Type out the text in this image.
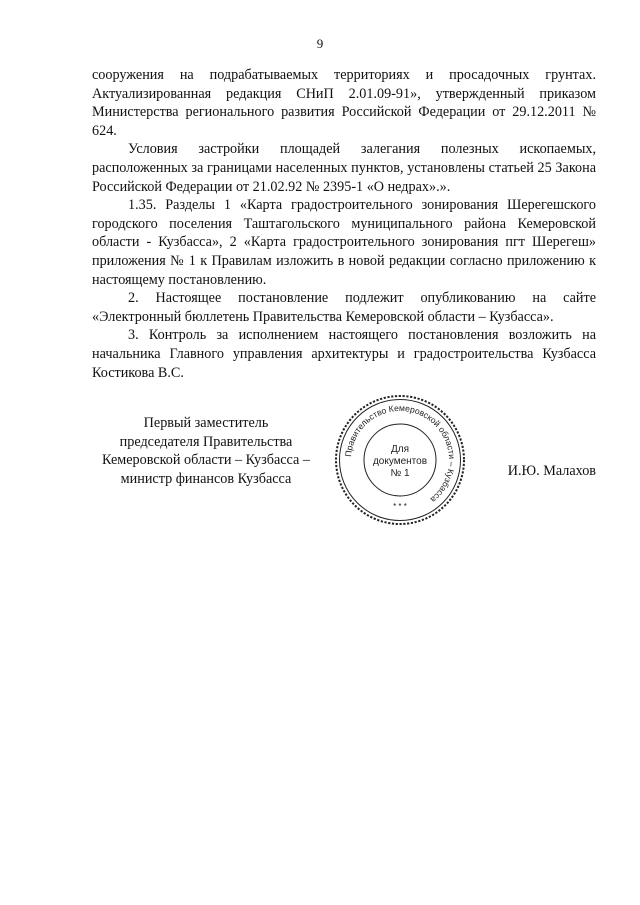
9

сооружения на подрабатываемых территориях и просадочных грунтах. Актуализированная редакция СНиП 2.01.09-91», утвержденный приказом Министерства регионального развития Российской Федерации от 29.12.2011 № 624.

Условия застройки площадей залегания полезных ископаемых, расположенных за границами населенных пунктов, установлены статьей 25 Закона Российской Федерации от 21.02.92 № 2395-1 «О недрах».».

1.35. Разделы 1 «Карта градостроительного зонирования Шерегешского городского поселения Таштагольского муниципального района Кемеровской области - Кузбасса», 2 «Карта градостроительного зонирования пгт Шерегеш» приложения № 1 к Правилам изложить в новой редакции согласно приложению к настоящему постановлению.

2. Настоящее постановление подлежит опубликованию на сайте «Электронный бюллетень Правительства Кемеровской области – Кузбасса».

3. Контроль за исполнением настоящего постановления возложить на начальника Главного управления архитектуры и градостроительства Кузбасса Костикова В.С.

Первый заместитель
председателя Правительства
Кемеровской области – Кузбасса –
министр финансов Кузбасса	И.Ю. Малахов
Правительство Кемеровской области – Кузбасса
* * *
Для
документов
№ 1
